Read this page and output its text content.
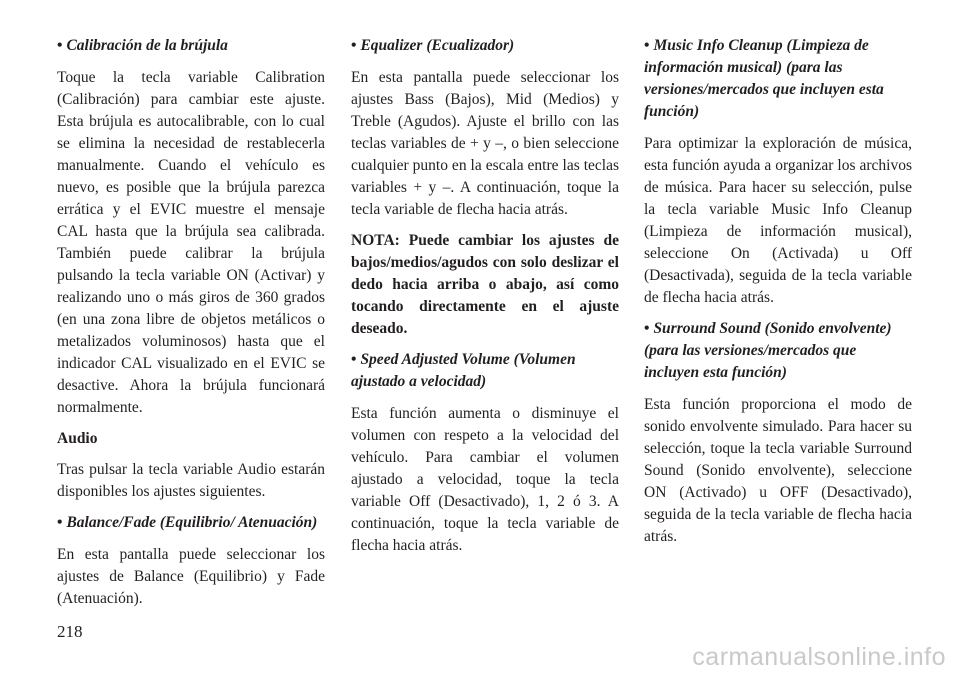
• Calibración de la brújula

Toque la tecla variable Calibration (Calibración) para cambiar este ajuste. Esta brújula es autocalibrable, con lo cual se elimina la necesidad de restablecerla manualmente. Cuando el vehículo es nuevo, es posible que la brújula parezca errática y el EVIC muestre el mensaje CAL hasta que la brújula sea calibrada. También puede calibrar la brújula pulsando la tecla variable ON (Activar) y realizando uno o más giros de 360 grados (en una zona libre de objetos metálicos o metalizados voluminosos) hasta que el indicador CAL visualizado en el EVIC se desactive. Ahora la brújula funcionará normalmente.

Audio

Tras pulsar la tecla variable Audio estarán disponibles los ajustes siguientes.

• Balance/Fade (Equilibrio/ Atenuación)

En esta pantalla puede seleccionar los ajustes de Balance (Equilibrio) y Fade (Atenuación).

• Equalizer (Ecualizador)

En esta pantalla puede seleccionar los ajustes Bass (Bajos), Mid (Medios) y Treble (Agudos). Ajuste el brillo con las teclas variables de + y –, o bien seleccione cualquier punto en la escala entre las teclas variables + y –. A continuación, toque la tecla variable de flecha hacia atrás.

NOTA: Puede cambiar los ajustes de bajos/medios/agudos con solo deslizar el dedo hacia arriba o abajo, así como tocando directamente en el ajuste deseado.

• Speed Adjusted Volume (Volumen ajustado a velocidad)

Esta función aumenta o disminuye el volumen con respeto a la velocidad del vehículo. Para cambiar el volumen ajustado a velocidad, toque la tecla variable Off (Desactivado), 1, 2 ó 3. A continuación, toque la tecla variable de flecha hacia atrás.

• Music Info Cleanup (Limpieza de información musical) (para las versiones/mercados que incluyen esta función)

Para optimizar la exploración de música, esta función ayuda a organizar los archivos de música. Para hacer su selección, pulse la tecla variable Music Info Cleanup (Limpieza de información musical), seleccione On (Activada) u Off (Desactivada), seguida de la tecla variable de flecha hacia atrás.

• Surround Sound (Sonido envolvente) (para las versiones/mercados que incluyen esta función)

Esta función proporciona el modo de sonido envolvente simulado. Para hacer su selección, toque la tecla variable Surround Sound (Sonido envolvente), seleccione ON (Activado) u OFF (Desactivado), seguida de la tecla variable de flecha hacia atrás.

218
carmanualsonline.info
